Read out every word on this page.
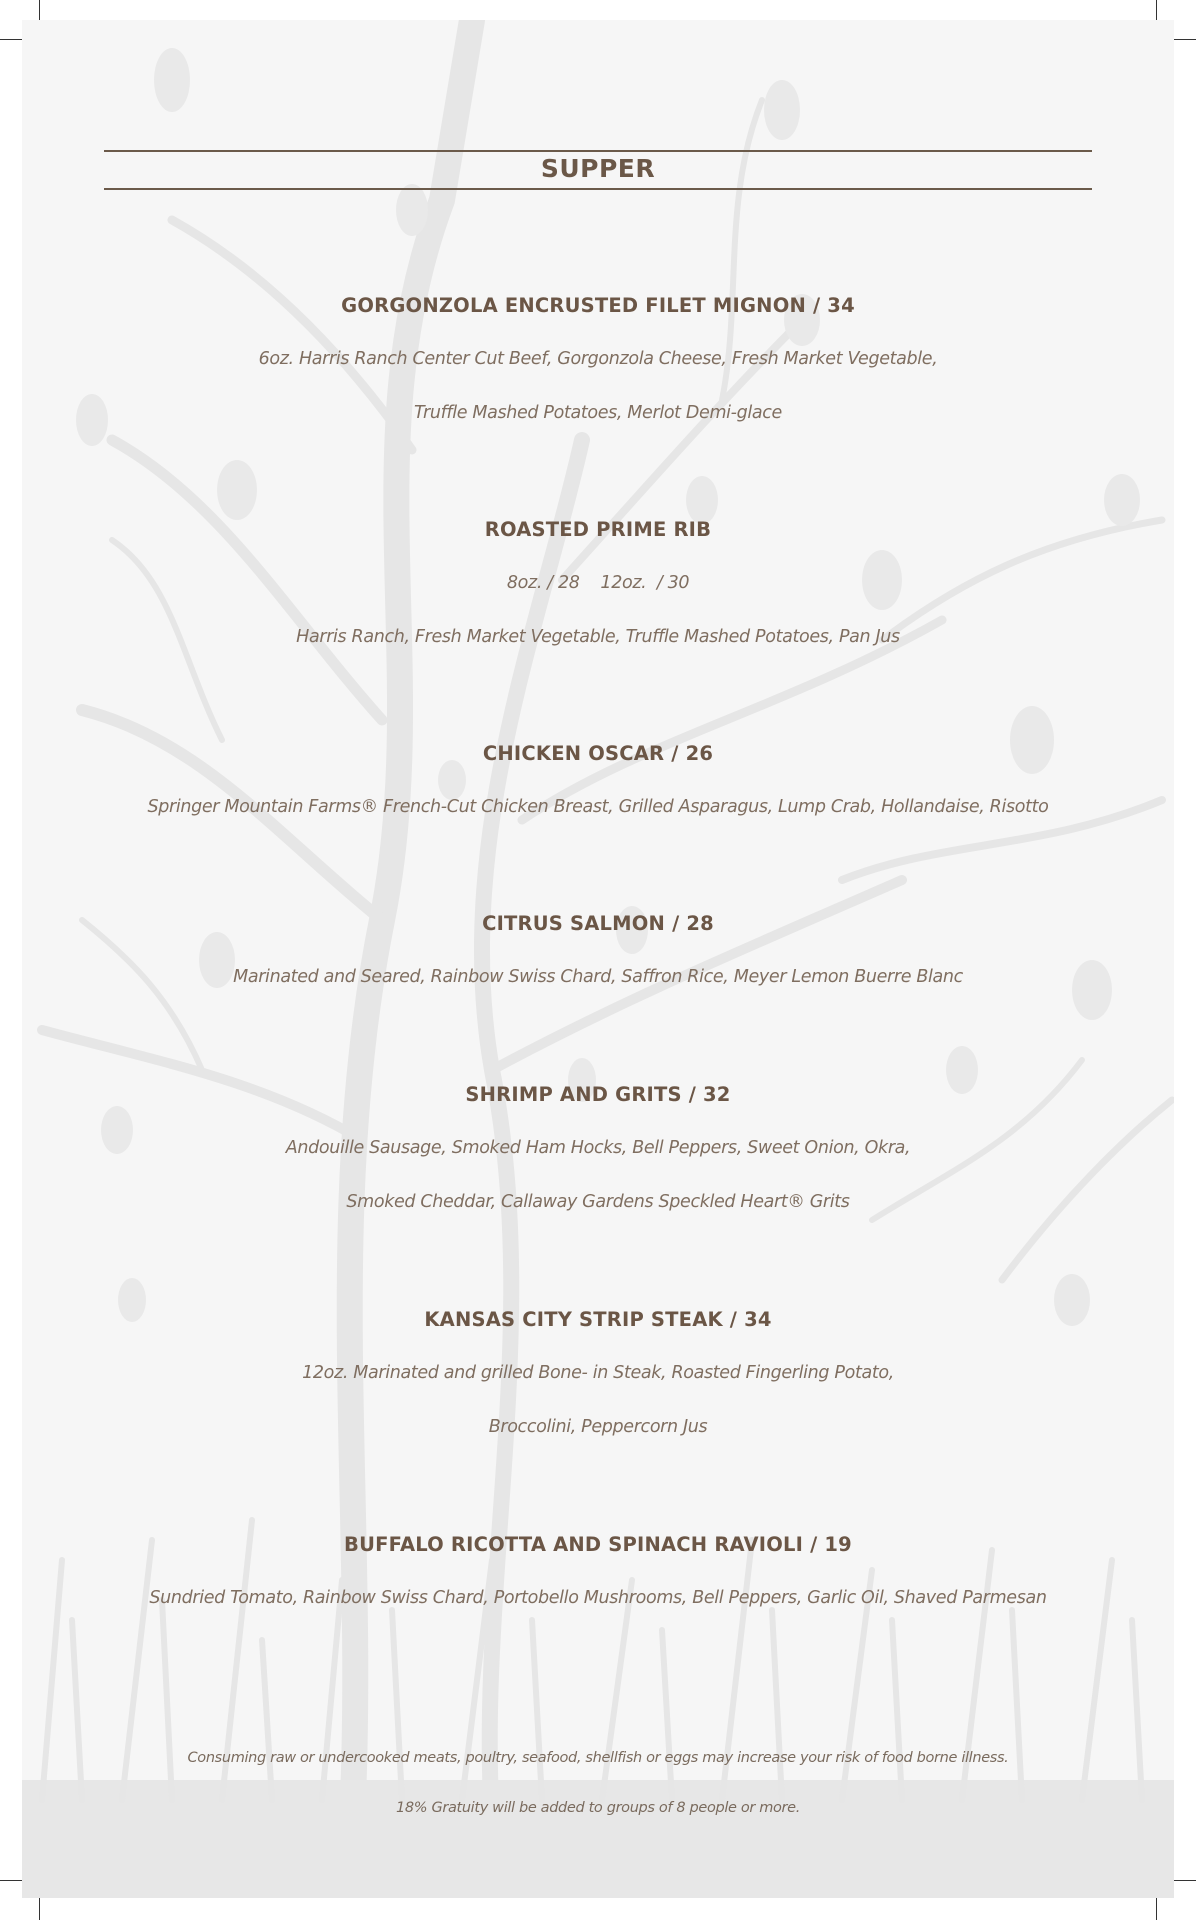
SUPPER

GORGONZOLA ENCRUSTED FILET MIGNON / 34

6oz. Harris Ranch Center Cut Beef, Gorgonzola Cheese, Fresh Market Vegetable,

Truffle Mashed Potatoes, Merlot Demi-glace

ROASTED PRIME RIB

8oz. / 28    12oz.  / 30

Harris Ranch, Fresh Market Vegetable, Truffle Mashed Potatoes, Pan Jus

CHICKEN OSCAR / 26

Springer Mountain Farms® French-Cut Chicken Breast, Grilled Asparagus, Lump Crab, Hollandaise, Risotto

CITRUS SALMON / 28

Marinated and Seared, Rainbow Swiss Chard, Saffron Rice, Meyer Lemon Buerre Blanc

SHRIMP AND GRITS / 32

Andouille Sausage, Smoked Ham Hocks, Bell Peppers, Sweet Onion, Okra,

Smoked Cheddar, Callaway Gardens Speckled Heart® Grits

KANSAS CITY STRIP STEAK / 34

12oz. Marinated and grilled Bone- in Steak, Roasted Fingerling Potato,

Broccolini, Peppercorn Jus

BUFFALO RICOTTA AND SPINACH RAVIOLI / 19

Sundried Tomato, Rainbow Swiss Chard, Portobello Mushrooms, Bell Peppers, Garlic Oil, Shaved Parmesan

Consuming raw or undercooked meats, poultry, seafood, shellfish or eggs may increase your risk of food borne illness.

18% Gratuity will be added to groups of 8 people or more.
